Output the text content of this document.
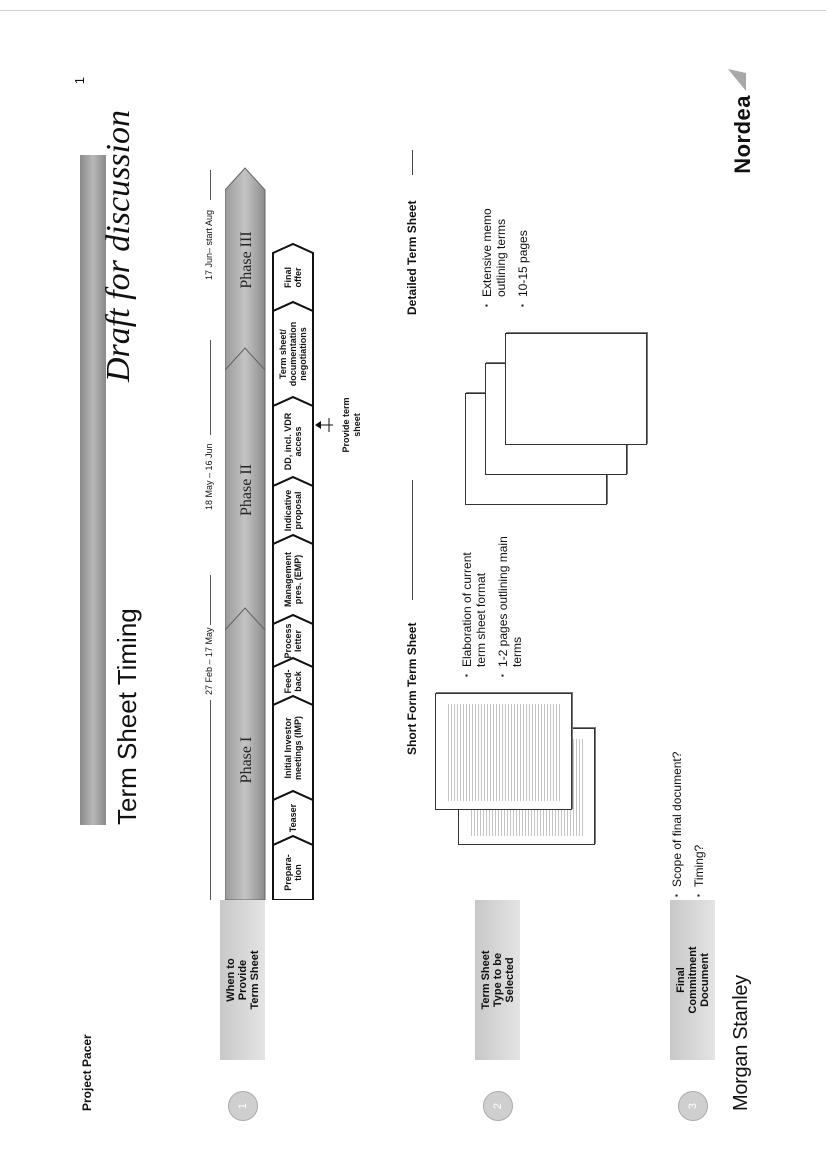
Project Pacer
Term Sheet Timing
Draft for discussion
1
When to
Provide
Term Sheet
1
Term Sheet
Type to be
Selected
2
Final
Commitment
Document
3
27 Feb – 17 May
18 May – 16 Jun
17 Jun– start Aug
Phase I
Phase II
Phase III
Prepara- tion
Teaser
Initial Investor meetings (IMP)
Feed- back
Process letter
Management pres. (EMP)
Indicative proposal
DD, incl. VDR access
Term sheet/ documentation negotiations
Final offer
Provide term sheet
Short Form Term Sheet
▪ Elaboration of current term sheet format ▪ 1-2 pages outlining main terms
Detailed Term Sheet	▪ Extensive memo outlining terms ▪ 10-15 pages
▪ Scope of final document? ▪ Timing?
Morgan Stanley
Nordea
